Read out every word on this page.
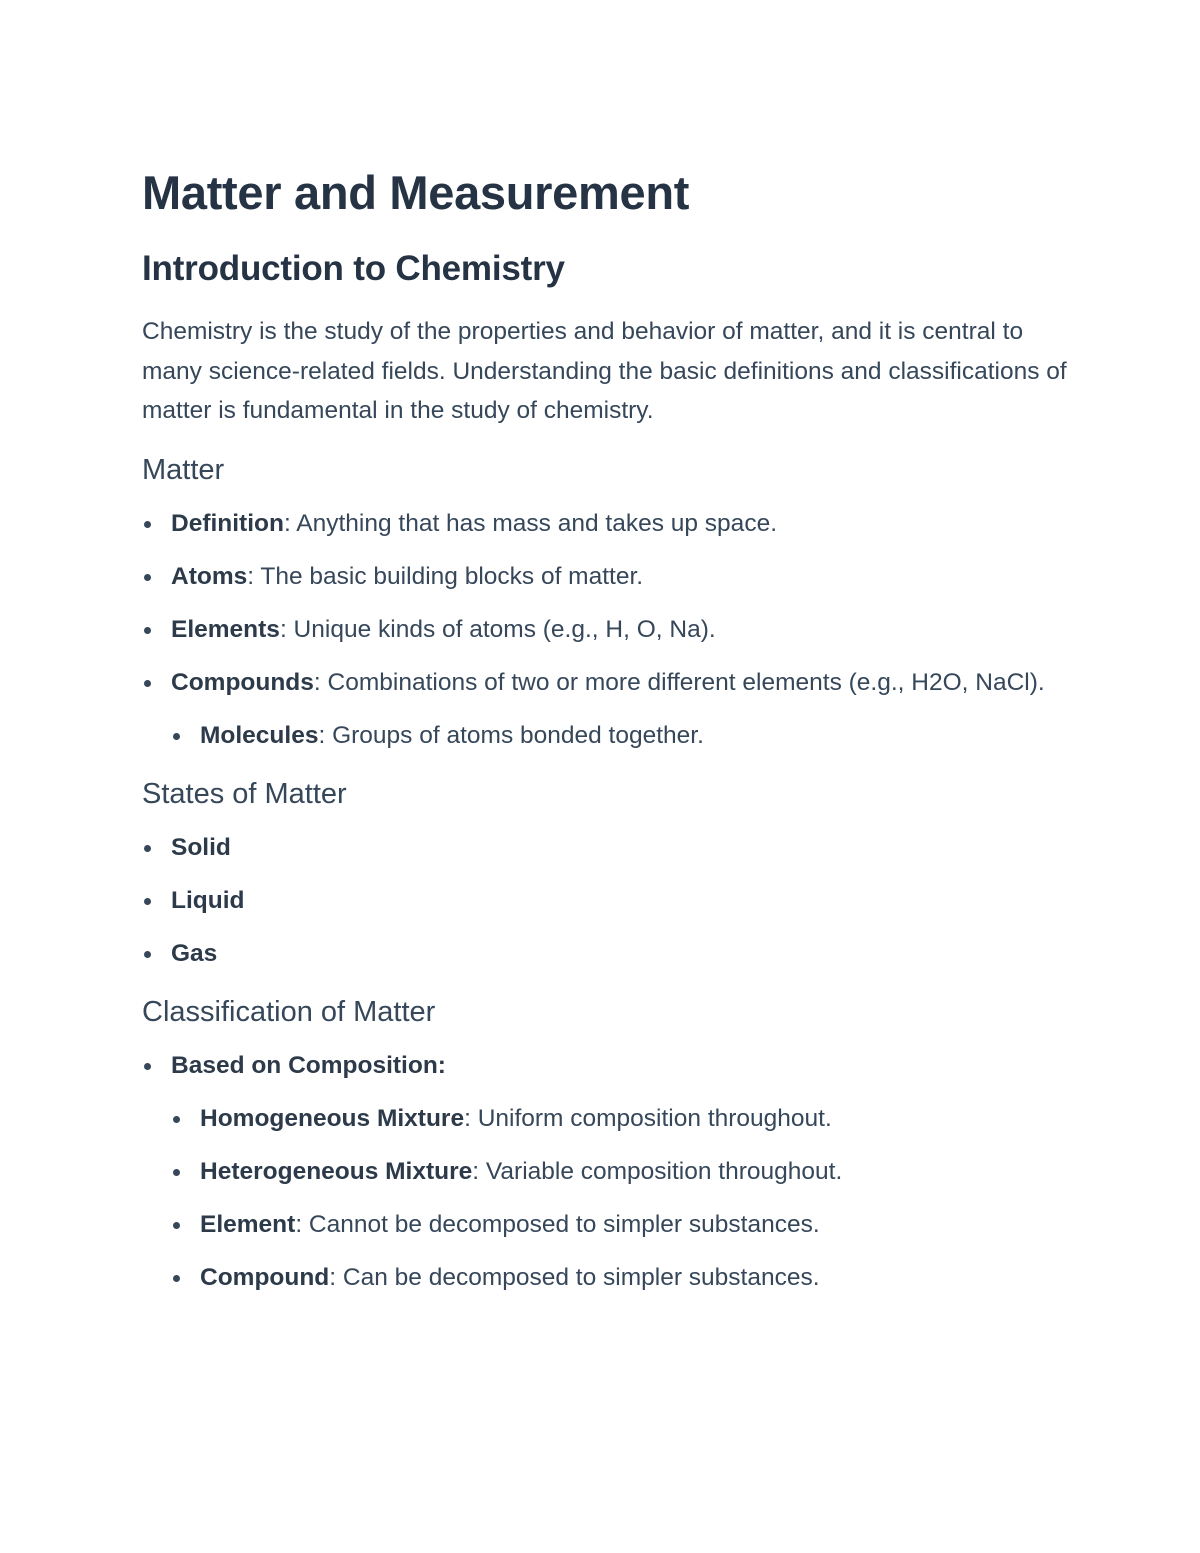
Matter and Measurement
Introduction to Chemistry

Chemistry is the study of the properties and behavior of matter, and it is central to many science-related fields. Understanding the basic definitions and classifications of matter is fundamental in the study of chemistry.

Matter
Definition: Anything that has mass and takes up space.
Atoms: The basic building blocks of matter.
Elements: Unique kinds of atoms (e.g., H, O, Na).
Compounds: Combinations of two or more different elements (e.g., H2O, NaCl).
Molecules: Groups of atoms bonded together.
States of Matter
Solid
Liquid
Gas
Classification of Matter
Based on Composition:
Homogeneous Mixture: Uniform composition throughout.
Heterogeneous Mixture: Variable composition throughout.
Element: Cannot be decomposed to simpler substances.
Compound: Can be decomposed to simpler substances.
